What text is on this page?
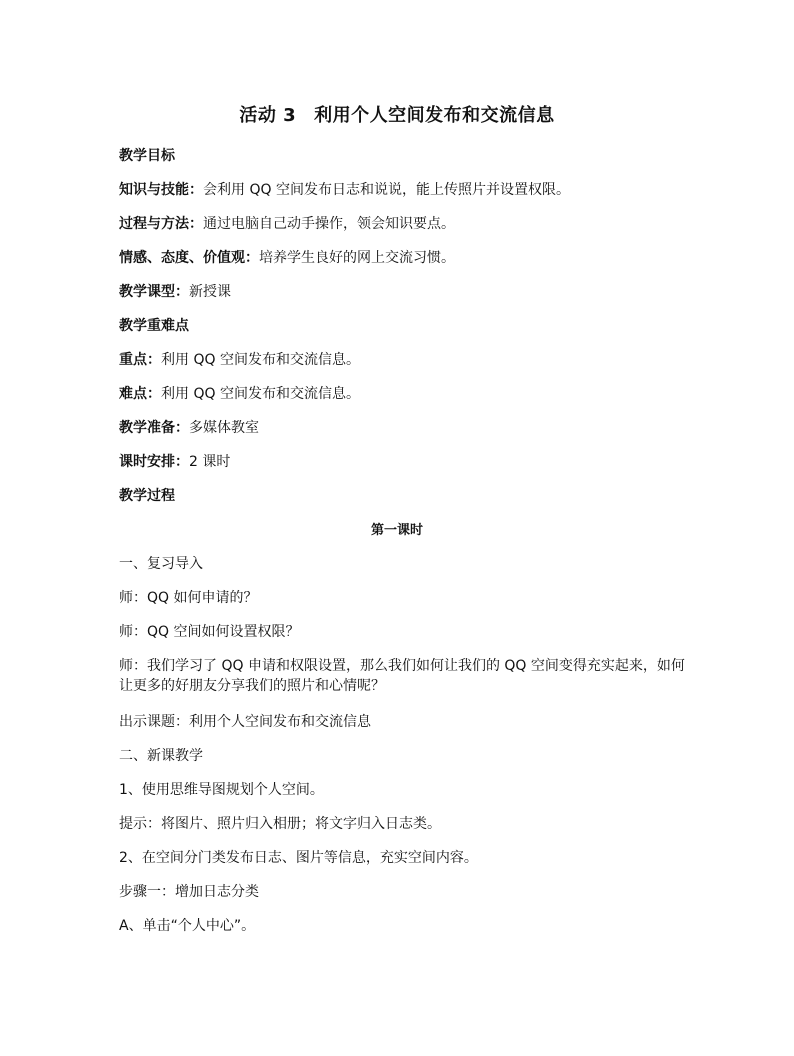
活动 3 利用个人空间发布和交流信息

教学目标

知识与技能：会利用 QQ 空间发布日志和说说，能上传照片并设置权限。

过程与方法：通过电脑自己动手操作，领会知识要点。

情感、态度、价值观：培养学生良好的网上交流习惯。

教学课型：新授课

教学重难点

重点：利用 QQ 空间发布和交流信息。

难点：利用 QQ 空间发布和交流信息。

教学准备：多媒体教室

课时安排：2 课时

教学过程

第一课时

一、复习导入

师：QQ 如何申请的？

师：QQ 空间如何设置权限？

师：我们学习了 QQ 申请和权限设置，那么我们如何让我们的 QQ 空间变得充实起来，如何让更多的好朋友分享我们的照片和心情呢？

出示课题：利用个人空间发布和交流信息

二、新课教学

1、使用思维导图规划个人空间。

提示：将图片、照片归入相册；将文字归入日志类。

2、在空间分门类发布日志、图片等信息，充实空间内容。

步骤一：增加日志分类

A、单击“个人中心”。
